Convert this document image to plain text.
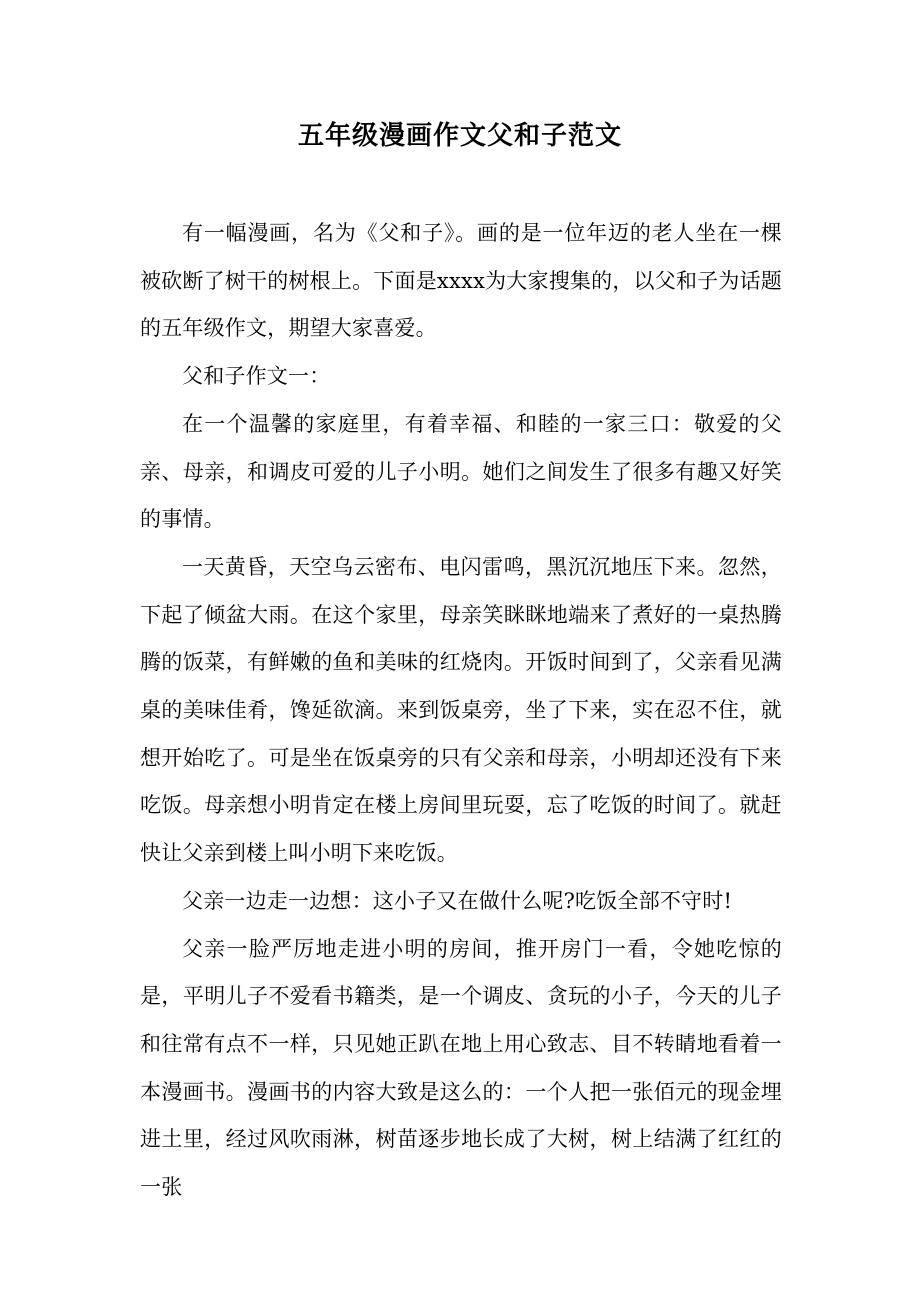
五年级漫画作文父和子范文

有一幅漫画，名为《父和子》。画的是一位年迈的老人坐在一棵被砍断了树干的树根上。下面是xxxx为大家搜集的，以父和子为话题的五年级作文，期望大家喜爱。

父和子作文一：

在一个温馨的家庭里，有着幸福、和睦的一家三口：敬爱的父亲、母亲，和调皮可爱的儿子小明。她们之间发生了很多有趣又好笑的事情。

一天黄昏，天空乌云密布、电闪雷鸣，黑沉沉地压下来。忽然，下起了倾盆大雨。在这个家里，母亲笑眯眯地端来了煮好的一桌热腾腾的饭菜，有鲜嫩的鱼和美味的红烧肉。开饭时间到了，父亲看见满桌的美味佳肴，馋延欲滴。来到饭桌旁，坐了下来，实在忍不住，就想开始吃了。可是坐在饭桌旁的只有父亲和母亲，小明却还没有下来吃饭。母亲想小明肯定在楼上房间里玩耍，忘了吃饭的时间了。就赶快让父亲到楼上叫小明下来吃饭。

父亲一边走一边想：这小子又在做什么呢?吃饭全部不守时!

父亲一脸严厉地走进小明的房间，推开房门一看，令她吃惊的是，平明儿子不爱看书籍类，是一个调皮、贪玩的小子，今天的儿子和往常有点不一样，只见她正趴在地上用心致志、目不转睛地看着一本漫画书。漫画书的内容大致是这么的：一个人把一张佰元的现金埋进土里，经过风吹雨淋，树苗逐步地长成了大树，树上结满了红红的一张
